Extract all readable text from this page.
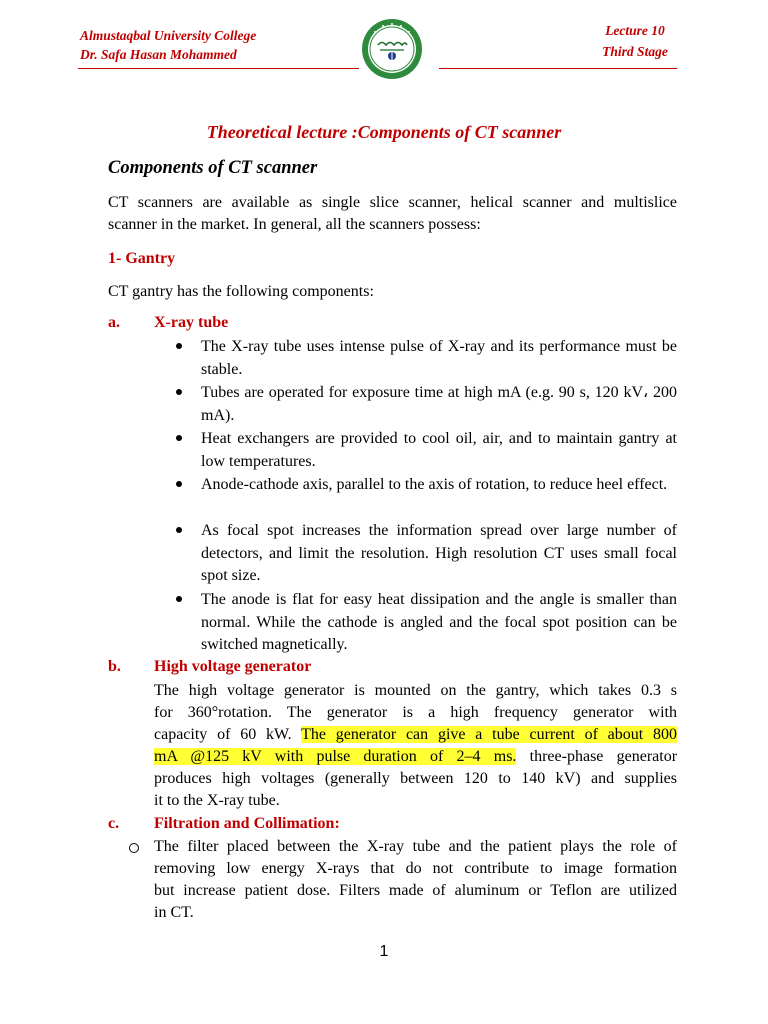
Almustaqbal University College
Dr. Safa Hasan Mohammed
Lecture 10
Third Stage
Theoretical lecture :Components of CT scanner
Components of CT scanner
CT scanners are available as single slice scanner, helical scanner and multislice
scanner in the market. In general, all the scanners possess:
1- Gantry
CT gantry has the following components:
a. X-ray tube
The X-ray tube uses intense pulse of X-ray and its performance must be stable.
Tubes are operated for exposure time at high mA (e.g. 90 s, 120 kV، 200 mA).
Heat exchangers are provided to cool oil, air, and to maintain gantry at low temperatures.
Anode-cathode axis, parallel to the axis of rotation, to reduce heel effect.
As focal spot increases the information spread over large number of detectors, and limit the resolution. High resolution CT uses small focal spot size.
The anode is flat for easy heat dissipation and the angle is smaller than normal. While the cathode is angled and the focal spot position can be switched magnetically.
b. High voltage generator
The high voltage generator is mounted on the gantry, which takes 0.3 s
for 360°rotation. The generator is a high frequency generator with
capacity of 60 kW. The generator can give a tube current of about 800
mA @125 kV with pulse duration of 2–4 ms. three-phase generator
produces high voltages (generally between 120 to 140 kV) and supplies
it to the X-ray tube.
c. Filtration and Collimation:
The filter placed between the X-ray tube and the patient plays the role of
removing low energy X-rays that do not contribute to image formation
but increase patient dose. Filters made of aluminum or Teflon are utilized
in CT.
1
